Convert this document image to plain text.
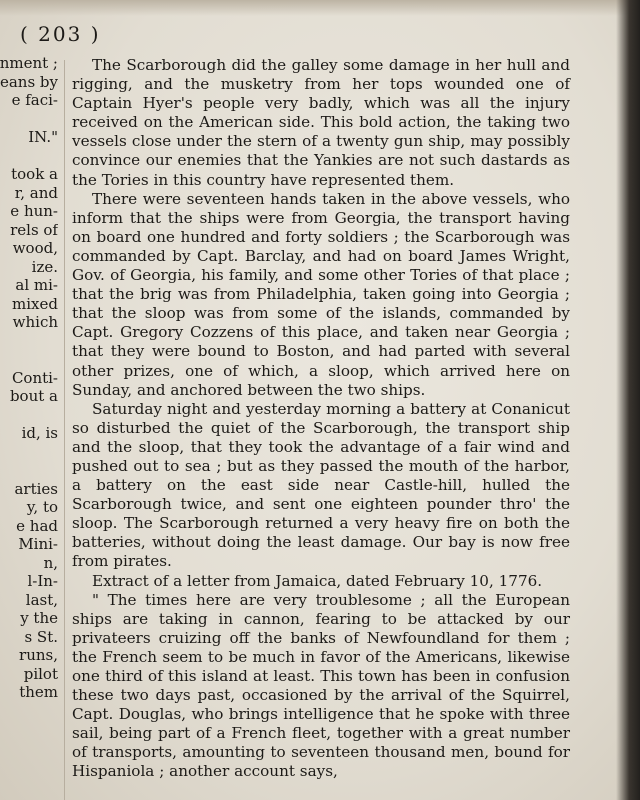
( 203 )
nment ;
eans by
e faci-
IN."
took a
r, and
e hun-
rels of
wood,
ize.
al mi-
mixed
which
Conti-
bout a
id, is
arties
y, to
e had
Mini-
n,
l-In-
last,
y the
s St.
runs,
pilot
them

The Scarborough did the galley some damage in her hull and rigging, and the musketry from her tops wounded one of Captain Hyer's people very badly, which was all the injury received on the American side. This bold action, the taking two vessels close under the stern of a twenty gun ship, may possibly convince our enemies that the Yankies are not such dastards as the Tories in this country have represented them.

There were seventeen hands taken in the above vessels, who inform that the ships were from Georgia, the transport having on board one hundred and forty soldiers ; the Scarborough was commanded by Capt. Barclay, and had on board James Wright, Gov. of Georgia, his family, and some other Tories of that place ; that the brig was from Philadelphia, taken going into Georgia ; that the sloop was from some of the islands, commanded by Capt. Gregory Cozzens of this place, and taken near Georgia ; that they were bound to Boston, and had parted with several other prizes, one of which, a sloop, which arrived here on Sunday, and anchored between the two ships.

Saturday night and yesterday morning a battery at Conanicut so disturbed the quiet of the Scarborough, the transport ship and the sloop, that they took the advantage of a fair wind and pushed out to sea ; but as they passed the mouth of the harbor, a battery on the east side near Castle-hill, hulled the Scarborough twice, and sent one eighteen pounder thro' the sloop. The Scarborough returned a very heavy fire on both the batteries, without doing the least damage. Our bay is now free from pirates.

Extract of a letter from Jamaica, dated February 10, 1776.

" The times here are very troublesome ; all the European ships are taking in cannon, fearing to be attacked by our privateers cruizing off the banks of Newfoundland for them ; the French seem to be much in favor of the Americans, likewise one third of this island at least. This town has been in confusion these two days past, occasioned by the arrival of the Squirrel, Capt. Douglas, who brings intelligence that he spoke with three sail, being part of a French fleet, together with a great number of transports, amounting to seventeen thousand men, bound for Hispaniola ; another account says,
